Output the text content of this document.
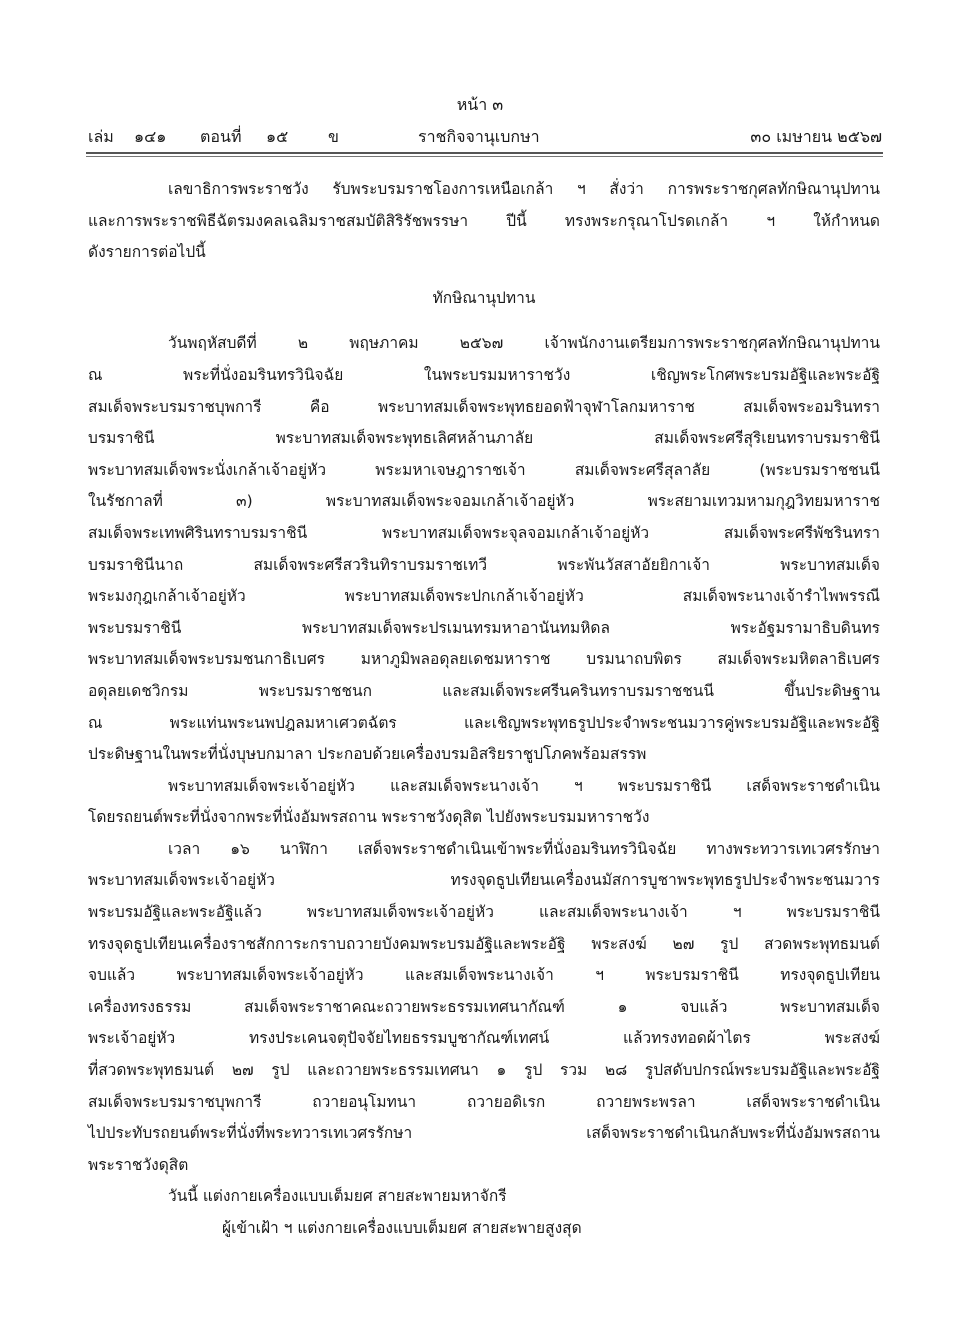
หน้า ๓
เล่ม ๑๔๑ ตอนที่ ๑๕ ข	ราชกิจจานุเบกษา	๓๐ เมษายน ๒๕๖๗
เลขาธิการพระราชวัง รับพระบรมราชโองการเหนือเกล้า ฯ สั่งว่า การพระราชกุศลทักษิณานุปทาน
และการพระราชพิธีฉัตรมงคลเฉลิมราชสมบัติสิริรัชพรรษา ปีนี้ ทรงพระกรุณาโปรดเกล้า ฯ ให้กำหนด
ดังรายการต่อไปนี้
ทักษิณานุปทาน
วันพฤหัสบดีที่ ๒ พฤษภาคม ๒๕๖๗ เจ้าพนักงานเตรียมการพระราชกุศลทักษิณานุปทาน
ณ พระที่นั่งอมรินทรวินิจฉัย ในพระบรมมหาราชวัง เชิญพระโกศพระบรมอัฐิและพระอัฐิ
สมเด็จพระบรมราชบุพการี คือ พระบาทสมเด็จพระพุทธยอดฟ้าจุฬาโลกมหาราช สมเด็จพระอมรินทรา
บรมราชินี พระบาทสมเด็จพระพุทธเลิศหล้านภาลัย สมเด็จพระศรีสุริเยนทราบรมราชินี
พระบาทสมเด็จพระนั่งเกล้าเจ้าอยู่หัว พระมหาเจษฎาราชเจ้า สมเด็จพระศรีสุลาลัย (พระบรมราชชนนี
ในรัชกาลที่ ๓) พระบาทสมเด็จพระจอมเกล้าเจ้าอยู่หัว พระสยามเทวมหามกุฎวิทยมหาราช
สมเด็จพระเทพศิรินทราบรมราชินี พระบาทสมเด็จพระจุลจอมเกล้าเจ้าอยู่หัว สมเด็จพระศรีพัชรินทรา
บรมราชินีนาถ สมเด็จพระศรีสวรินทิราบรมราชเทวี พระพันวัสสาอัยยิกาเจ้า พระบาทสมเด็จ
พระมงกุฎเกล้าเจ้าอยู่หัว พระบาทสมเด็จพระปกเกล้าเจ้าอยู่หัว สมเด็จพระนางเจ้ารำไพพรรณี
พระบรมราชินี พระบาทสมเด็จพระปรเมนทรมหาอานันทมหิดล พระอัฐมรามาธิบดินทร
พระบาทสมเด็จพระบรมชนกาธิเบศร มหาภูมิพลอดุลยเดชมหาราช บรมนาถบพิตร สมเด็จพระมหิตลาธิเบศร
อดุลยเดชวิกรม พระบรมราชชนก และสมเด็จพระศรีนครินทราบรมราชชนนี ขึ้นประดิษฐาน
ณ พระแท่นพระนพปฎลมหาเศวตฉัตร และเชิญพระพุทธรูปประจำพระชนมวารคู่พระบรมอัฐิและพระอัฐิ
ประดิษฐานในพระที่นั่งบุษบกมาลา ประกอบด้วยเครื่องบรมอิสริยราชูปโภคพร้อมสรรพ
พระบาทสมเด็จพระเจ้าอยู่หัว และสมเด็จพระนางเจ้า ฯ พระบรมราชินี เสด็จพระราชดำเนิน
โดยรถยนต์พระที่นั่งจากพระที่นั่งอัมพรสถาน พระราชวังดุสิต ไปยังพระบรมมหาราชวัง
เวลา ๑๖ นาฬิกา เสด็จพระราชดำเนินเข้าพระที่นั่งอมรินทรวินิจฉัย ทางพระทวารเทเวศรรักษา
พระบาทสมเด็จพระเจ้าอยู่หัว ทรงจุดธูปเทียนเครื่องนมัสการบูชาพระพุทธรูปประจำพระชนมวาร
พระบรมอัฐิและพระอัฐิแล้ว พระบาทสมเด็จพระเจ้าอยู่หัว และสมเด็จพระนางเจ้า ฯ พระบรมราชินี
ทรงจุดธูปเทียนเครื่องราชสักการะกราบถวายบังคมพระบรมอัฐิและพระอัฐิ พระสงฆ์ ๒๗ รูป สวดพระพุทธมนต์
จบแล้ว พระบาทสมเด็จพระเจ้าอยู่หัว และสมเด็จพระนางเจ้า ฯ พระบรมราชินี ทรงจุดธูปเทียน
เครื่องทรงธรรม สมเด็จพระราชาคณะถวายพระธรรมเทศนากัณฑ์ ๑ จบแล้ว พระบาทสมเด็จ
พระเจ้าอยู่หัว ทรงประเคนจตุปัจจัยไทยธรรมบูชากัณฑ์เทศน์ แล้วทรงทอดผ้าไตร พระสงฆ์
ที่สวดพระพุทธมนต์ ๒๗ รูป และถวายพระธรรมเทศนา ๑ รูป รวม ๒๘ รูปสดับปกรณ์พระบรมอัฐิและพระอัฐิ
สมเด็จพระบรมราชบุพการี ถวายอนุโมทนา ถวายอดิเรก ถวายพระพรลา เสด็จพระราชดำเนิน
ไปประทับรถยนต์พระที่นั่งที่พระทวารเทเวศรรักษา เสด็จพระราชดำเนินกลับพระที่นั่งอัมพรสถาน
พระราชวังดุสิต
วันนี้ แต่งกายเครื่องแบบเต็มยศ สายสะพายมหาจักรี
ผู้เข้าเฝ้า ฯ แต่งกายเครื่องแบบเต็มยศ สายสะพายสูงสุด
